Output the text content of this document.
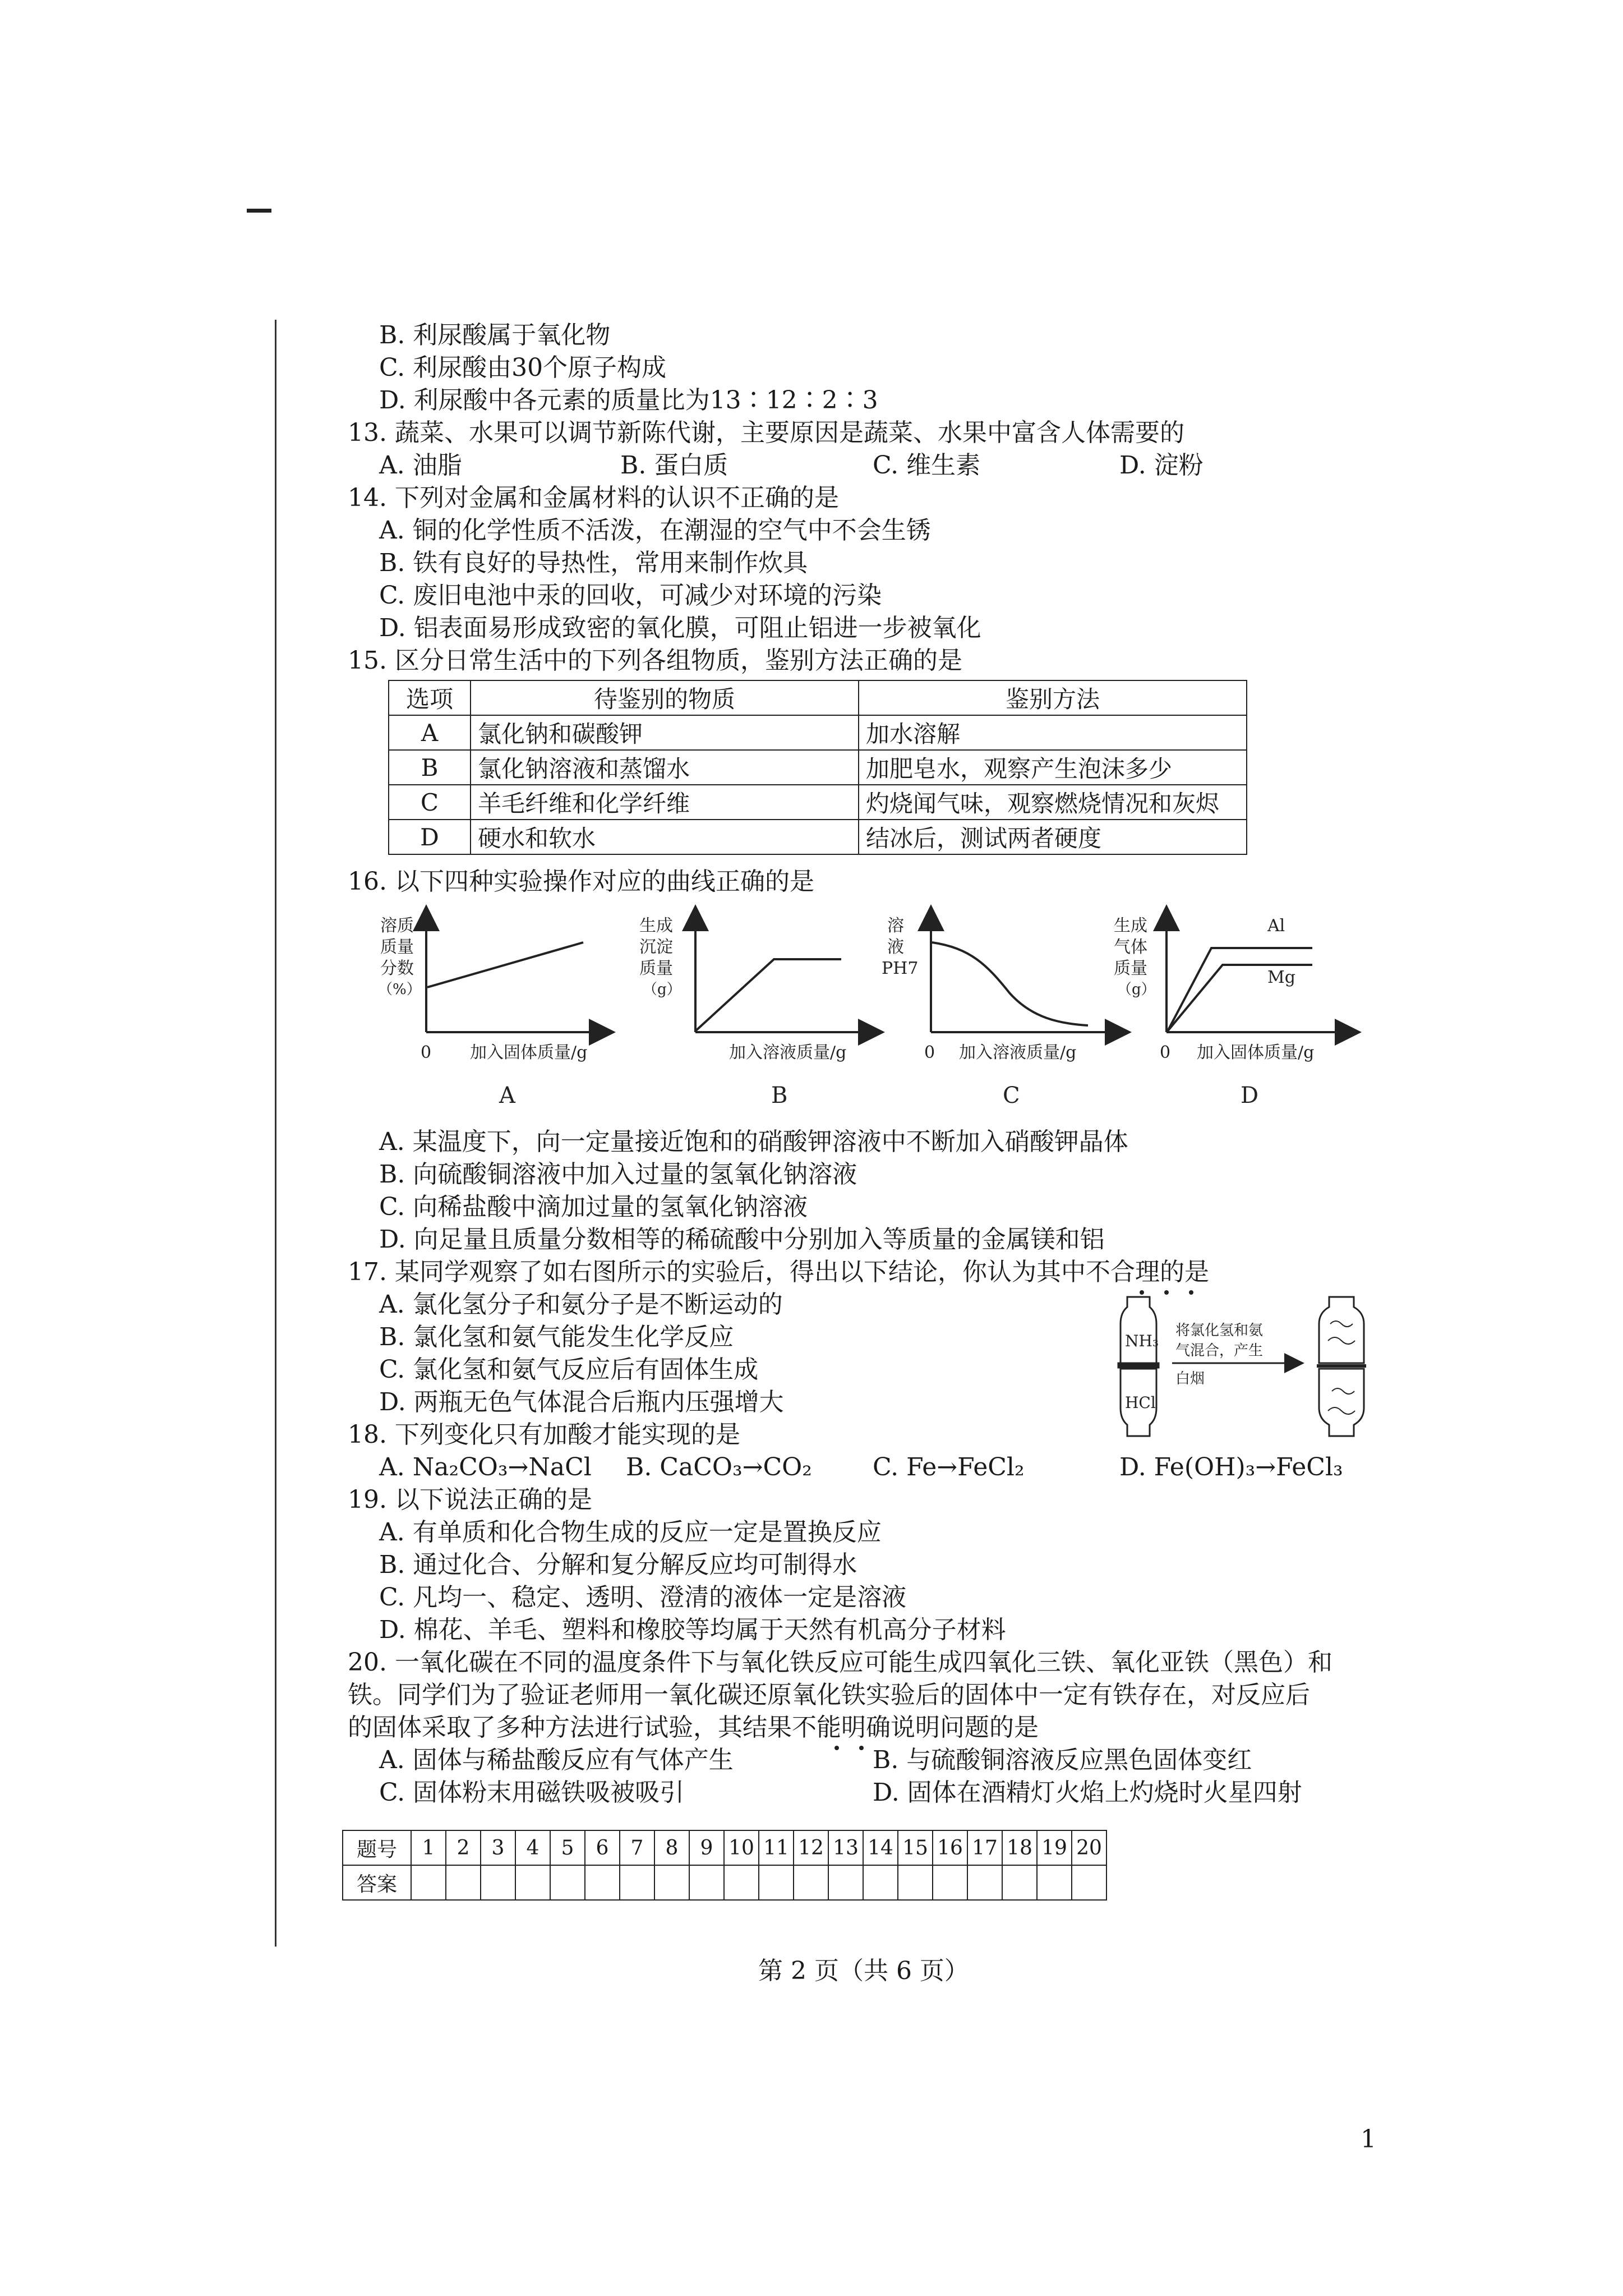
B. 利尿酸属于氧化物
C. 利尿酸由30个原子构成
D. 利尿酸中各元素的质量比为13∶12∶2∶3
13. 蔬菜、水果可以调节新陈代谢，主要原因是蔬菜、水果中富含人体需要的
A. 油脂	B. 蛋白质	C. 维生素	D. 淀粉
14. 下列对金属和金属材料的认识不正确的是
A. 铜的化学性质不活泼，在潮湿的空气中不会生锈
B. 铁有良好的导热性，常用来制作炊具
C. 废旧电池中汞的回收，可减少对环境的污染
D. 铝表面易形成致密的氧化膜，可阻止铝进一步被氧化
15. 区分日常生活中的下列各组物质，鉴别方法正确的是
16. 以下四种实验操作对应的曲线正确的是
A. 某温度下，向一定量接近饱和的硝酸钾溶液中不断加入硝酸钾晶体
B. 向硫酸铜溶液中加入过量的氢氧化钠溶液
C. 向稀盐酸中滴加过量的氢氧化钠溶液
D. 向足量且质量分数相等的稀硫酸中分别加入等质量的金属镁和铝
17. 某同学观察了如右图所示的实验后，得出以下结论，你认为其中不合理的是
A. 氯化氢分子和氨分子是不断运动的
B. 氯化氢和氨气能发生化学反应
C. 氯化氢和氨气反应后有固体生成
D. 两瓶无色气体混合后瓶内压强增大
18. 下列变化只有加酸才能实现的是
A. Na₂CO₃→NaCl B. CaCO₃→CO₂ C. Fe→FeCl₂	D. Fe(OH)₃→FeCl₃
19. 以下说法正确的是
A. 有单质和化合物生成的反应一定是置换反应
B. 通过化合、分解和复分解反应均可制得水
C. 凡均一、稳定、透明、澄清的液体一定是溶液
D. 棉花、羊毛、塑料和橡胶等均属于天然有机高分子材料
20. 一氧化碳在不同的温度条件下与氧化铁反应可能生成四氧化三铁、氧化亚铁（黑色）和
铁。同学们为了验证老师用一氧化碳还原氧化铁实验后的固体中一定有铁存在，对反应后
的固体采取了多种方法进行试验，其结果不能明确说明问题的是
A. 固体与稀盐酸反应有气体产生	B. 与硫酸铜溶液反应黑色固体变红
C. 固体粉末用磁铁吸被吸引	D. 固体在酒精灯火焰上灼烧时火星四射
选项	待鉴别的物质	鉴别方法
A	氯化钠和碳酸钾	加水溶解
B	氯化钠溶液和蒸馏水	加肥皂水，观察产生泡沫多少
C	羊毛纤维和化学纤维	灼烧闻气味，观察燃烧情况和灰烬
D	硬水和软水	结冰后，测试两者硬度
溶质
质量
分数
（%）
0 加入固体质量/g
A
生成
沉淀
质量
（g）
加入溶液质量/g
B
溶
液
PH7
0 加入溶液质量/g
C
生成
气体
质量
（g）
Al
Mg
0 加入固体质量/g
D
NH₃
HCl
将氯化氢和氨
气混合，产生
白烟
题号	1	2	3	4	5	6	7	8	9	10	11	12	13	14	15	16	17	18	19	20
答案																				
第 2 页（共 6 页）
1
